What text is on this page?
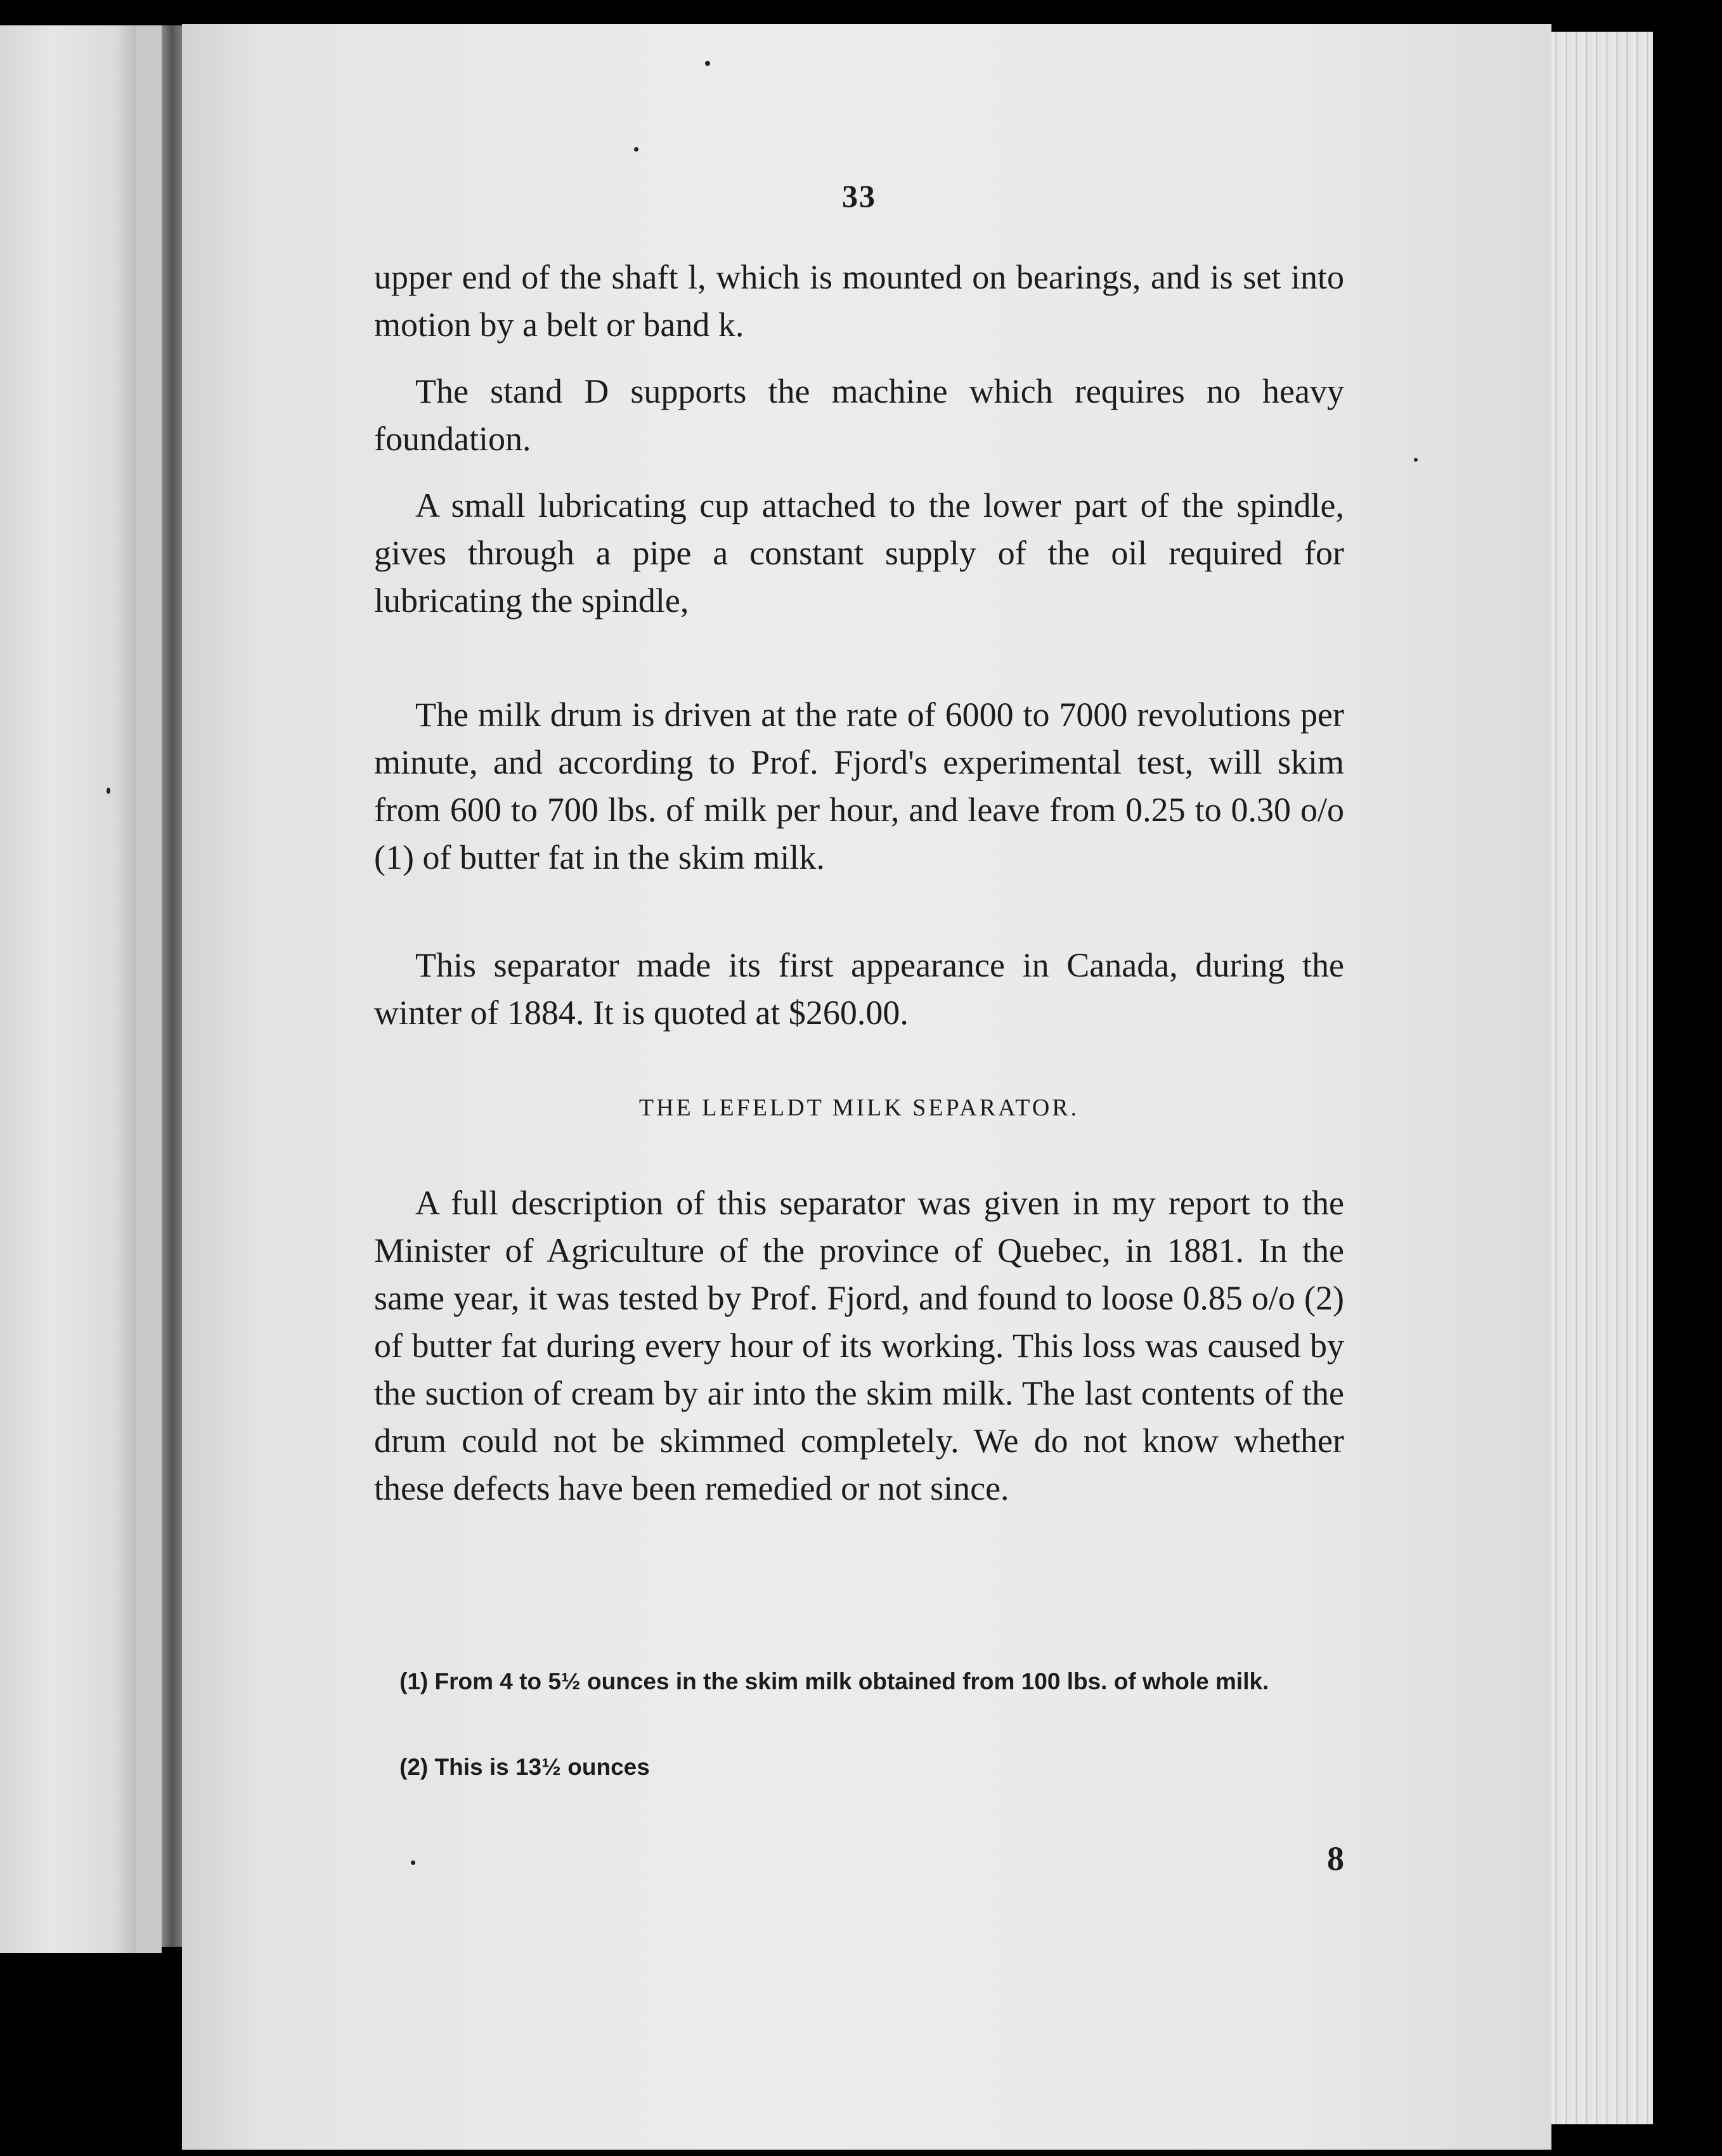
33

upper end of the shaft l, which is mounted on bearings, and is set into motion by a belt or band k.

The stand D supports the machine which requires no heavy foundation.

A small lubricating cup attached to the lower part of the spindle, gives through a pipe a constant supply of the oil required for lubricating the spindle,

The milk drum is driven at the rate of 6000 to 7000 revolutions per minute, and according to Prof. Fjord's experimental test, will skim from 600 to 700 lbs. of milk per hour, and leave from 0.25 to 0.30 o/o (1) of butter fat in the skim milk.

This separator made its first appearance in Canada, during the winter of 1884. It is quoted at $260.00.

THE LEFELDT MILK SEPARATOR.

A full description of this separator was given in my report to the Minister of Agriculture of the province of Quebec, in 1881. In the same year, it was tested by Prof. Fjord, and found to loose 0.85 o/o (2) of butter fat during every hour of its working. This loss was caused by the suction of cream by air into the skim milk. The last contents of the drum could not be skimmed completely. We do not know whether these defects have been remedied or not since.

(1) From 4 to 5½ ounces in the skim milk obtained from 100 lbs. of whole milk.

(2) This is 13½ ounces

8
